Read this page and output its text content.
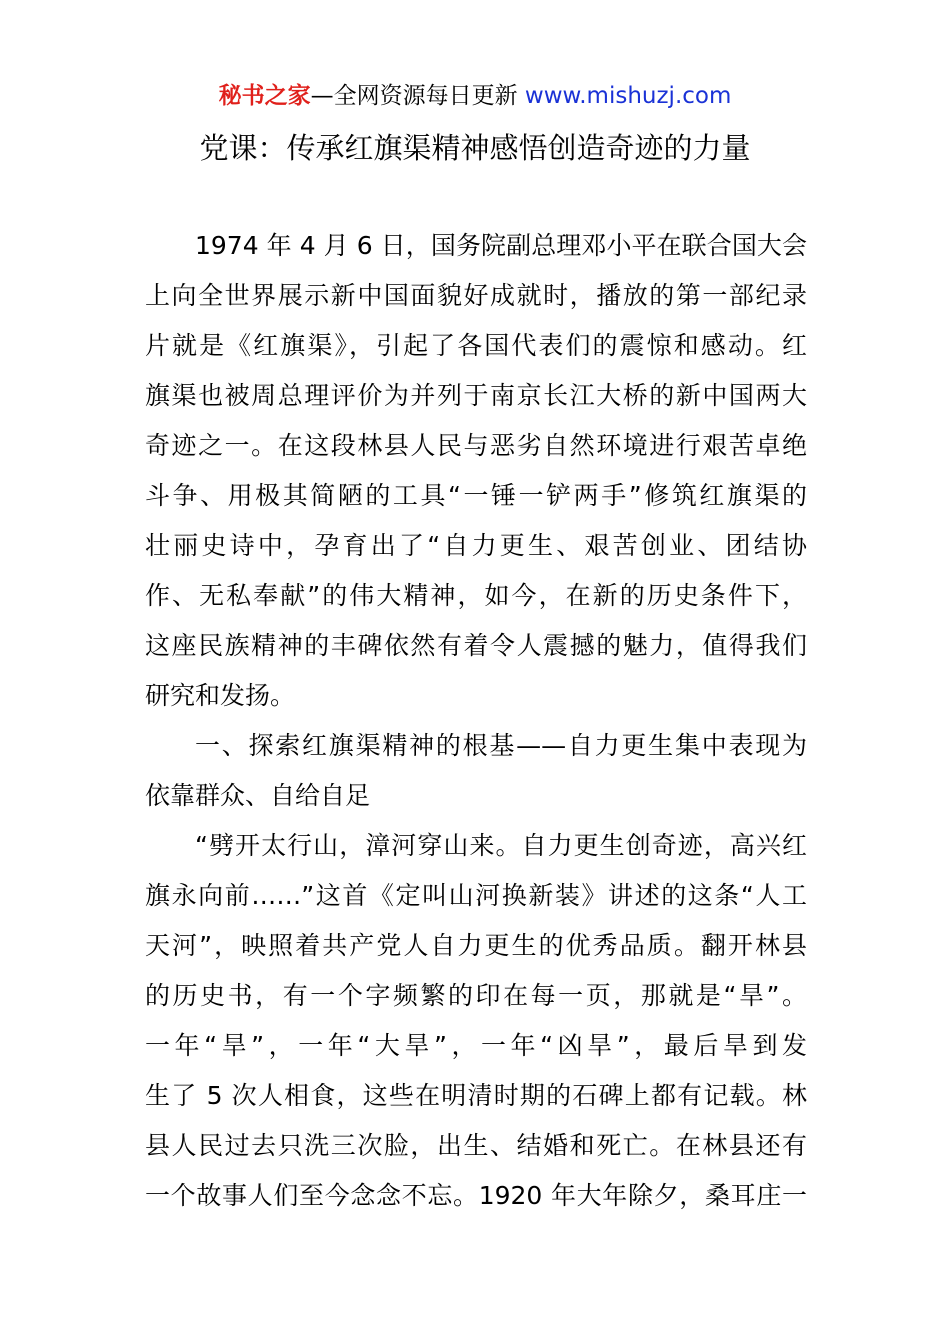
秘书之家—全网资源每日更新 www.mishuzj.com
党课：传承红旗渠精神感悟创造奇迹的力量
1974 年 4 月 6 日，国务院副总理邓小平在联合国大会
上向全世界展示新中国面貌好成就时，播放的第一部纪录
片就是《红旗渠》，引起了各国代表们的震惊和感动。红
旗渠也被周总理评价为并列于南京长江大桥的新中国两大
奇迹之一。在这段林县人民与恶劣自然环境进行艰苦卓绝
斗争、用极其简陋的工具“一锤一铲两手”修筑红旗渠的
壮丽史诗中，孕育出了“自力更生、艰苦创业、团结协
作、无私奉献”的伟大精神，如今，在新的历史条件下，
这座民族精神的丰碑依然有着令人震撼的魅力，值得我们
研究和发扬。
一、探索红旗渠精神的根基——自力更生集中表现为
依靠群众、自给自足
“劈开太行山，漳河穿山来。自力更生创奇迹，高兴红
旗永向前……”这首《定叫山河换新装》讲述的这条“人工
天河”，映照着共产党人自力更生的优秀品质。翻开林县
的历史书，有一个字频繁的印在每一页，那就是“旱”。
一年“旱”，一年“大旱”，一年“凶旱”，最后旱到发
生了 5 次人相食，这些在明清时期的石碑上都有记载。林
县人民过去只洗三次脸，出生、结婚和死亡。在林县还有
一个故事人们至今念念不忘。1920 年大年除夕，桑耳庄一
